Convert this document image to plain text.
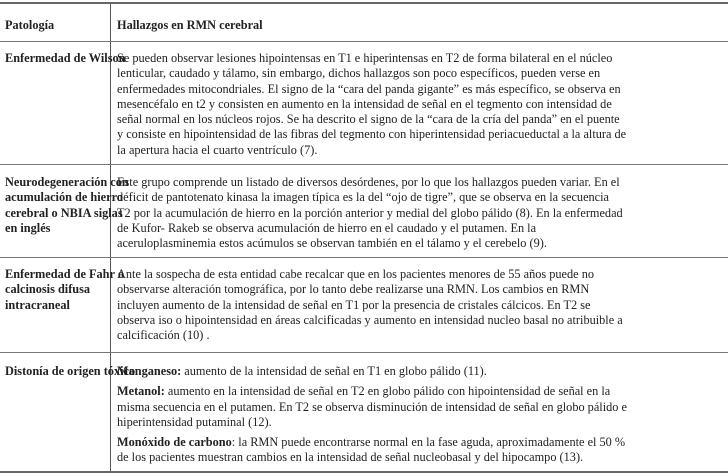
Patología	Hallazgos en RMN cerebral
Enfermedad de Wilson
Se pueden observar lesiones hipointensas en T1 e hiperintensas en T2 de forma bilateral en el núcleo
lenticular, caudado y tálamo, sin embargo, dichos hallazgos son poco específicos, pueden verse en
enfermedades mitocondriales. El signo de la “cara del panda gigante” es más específico, se observa en
mesencéfalo en t2 y consisten en aumento en la intensidad de señal en el tegmento con intensidad de
señal normal en los núcleos rojos. Se ha descrito el signo de la “cara de la cría del panda” en el puente
y consiste en hipointensidad de las fibras del tegmento con hiperintensidad periacueductal a la altura de
la apertura hacia el cuarto ventrículo (7).
Neurodegeneración con
acumulación de hierro
cerebral o NBIA siglas
en inglés
Este grupo comprende un listado de diversos desórdenes, por lo que los hallazgos pueden variar. En el
déficit de pantotenato kinasa la imagen típica es la del “ojo de tigre”, que se observa en la secuencia
T2 por la acumulación de hierro en la porción anterior y medial del globo pálido (8). En la enfermedad
de Kufor- Rakeb se observa acumulación de hierro en el caudado y el putamen. En la
aceruloplasminemia estos acúmulos se observan también en el tálamo y el cerebelo (9).
Enfermedad de Fahr o
calcinosis difusa
intracraneal
Ante la sospecha de esta entidad cabe recalcar que en los pacientes menores de 55 años puede no
observarse alteración tomográfica, por lo tanto debe realizarse una RMN. Los cambios en RMN
incluyen aumento de la intensidad de señal en T1 por la presencia de cristales cálcicos. En T2 se
observa iso o hipointensidad en áreas calcificadas y aumento en intensidad nucleo basal no atribuible a
calcificación (10) .
Distonía de origen tóxico
Manganeso: aumento de la intensidad de señal en T1 en globo pálido (11).
Metanol: aumento en la intensidad de señal en T2 en globo pálido con hipointensidad de señal en la
misma secuencia en el putamen. En T2 se observa disminución de intensidad de señal en globo pálido e
hiperintensidad putaminal (12).
Monóxido de carbono: la RMN puede encontrarse normal en la fase aguda, aproximadamente el 50 %
de los pacientes muestran cambios en la intensidad de señal nucleobasal y del hipocampo (13).
